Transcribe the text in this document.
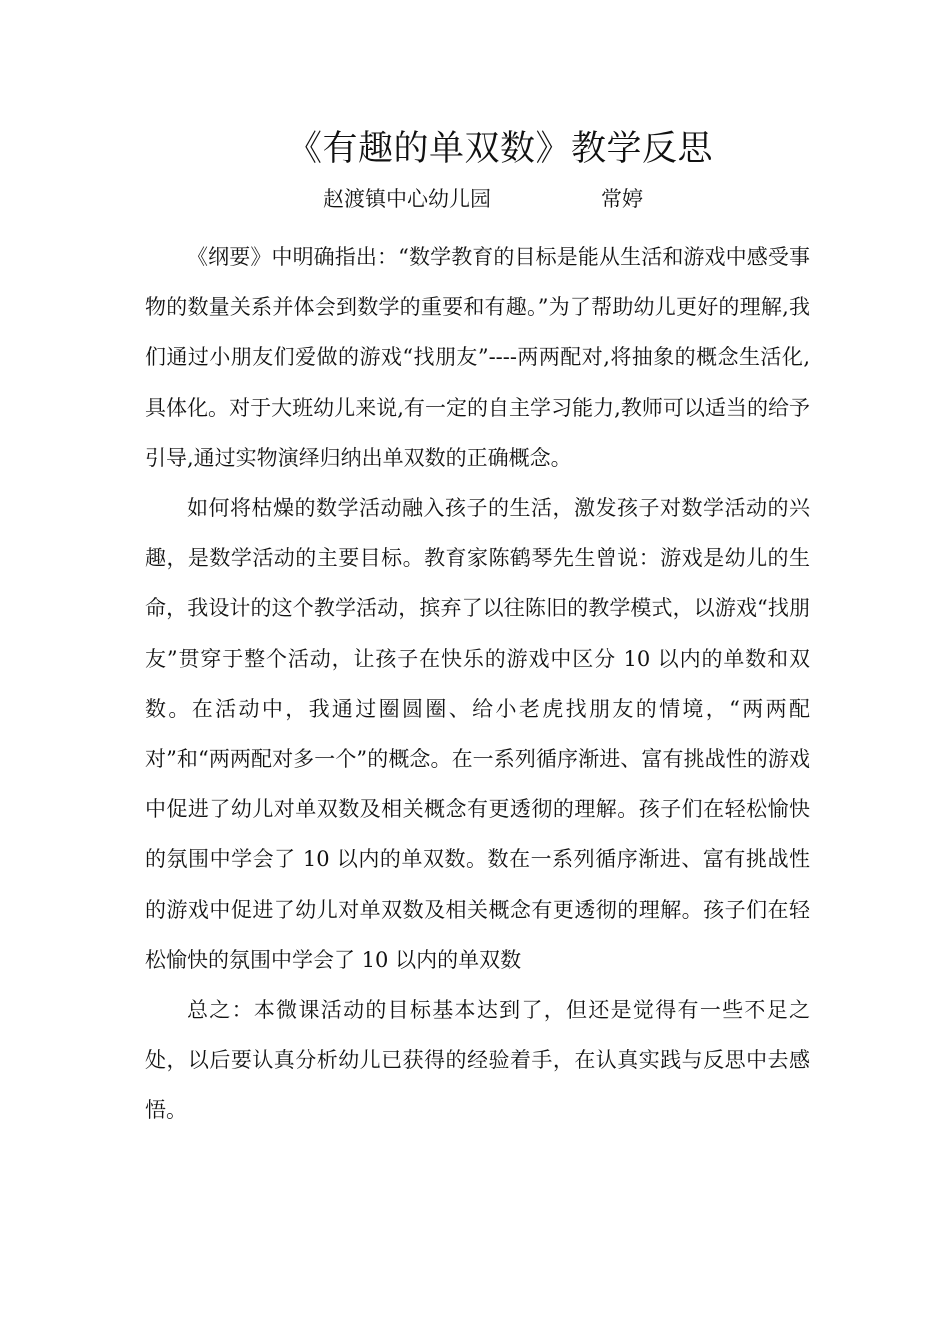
《有趣的单双数》教学反思
赵渡镇中心幼儿园	常婷

《纲要》中明确指出：“数学教育的目标是能从生活和游戏中感受事物的数量关系并体会到数学的重要和有趣。”为了帮助幼儿更好的理解,我们通过小朋友们爱做的游戏“找朋友”----两两配对,将抽象的概念生活化,具体化。对于大班幼儿来说,有一定的自主学习能力,教师可以适当的给予引导,通过实物演绎归纳出单双数的正确概念。

如何将枯燥的数学活动融入孩子的生活，激发孩子对数学活动的兴趣，是数学活动的主要目标。教育家陈鹤琴先生曾说：游戏是幼儿的生命，我设计的这个教学活动，摈弃了以往陈旧的教学模式，以游戏“找朋友”贯穿于整个活动，让孩子在快乐的游戏中区分 10 以内的单数和双数。在活动中，我通过圈圆圈、给小老虎找朋友的情境，“两两配对”和“两两配对多一个”的概念。在一系列循序渐进、富有挑战性的游戏中促进了幼儿对单双数及相关概念有更透彻的理解。孩子们在轻松愉快的氛围中学会了 10 以内的单双数。数在一系列循序渐进、富有挑战性的游戏中促进了幼儿对单双数及相关概念有更透彻的理解。孩子们在轻松愉快的氛围中学会了 10 以内的单双数

总之：本微课活动的目标基本达到了，但还是觉得有一些不足之处，以后要认真分析幼儿已获得的经验着手，在认真实践与反思中去感悟。
